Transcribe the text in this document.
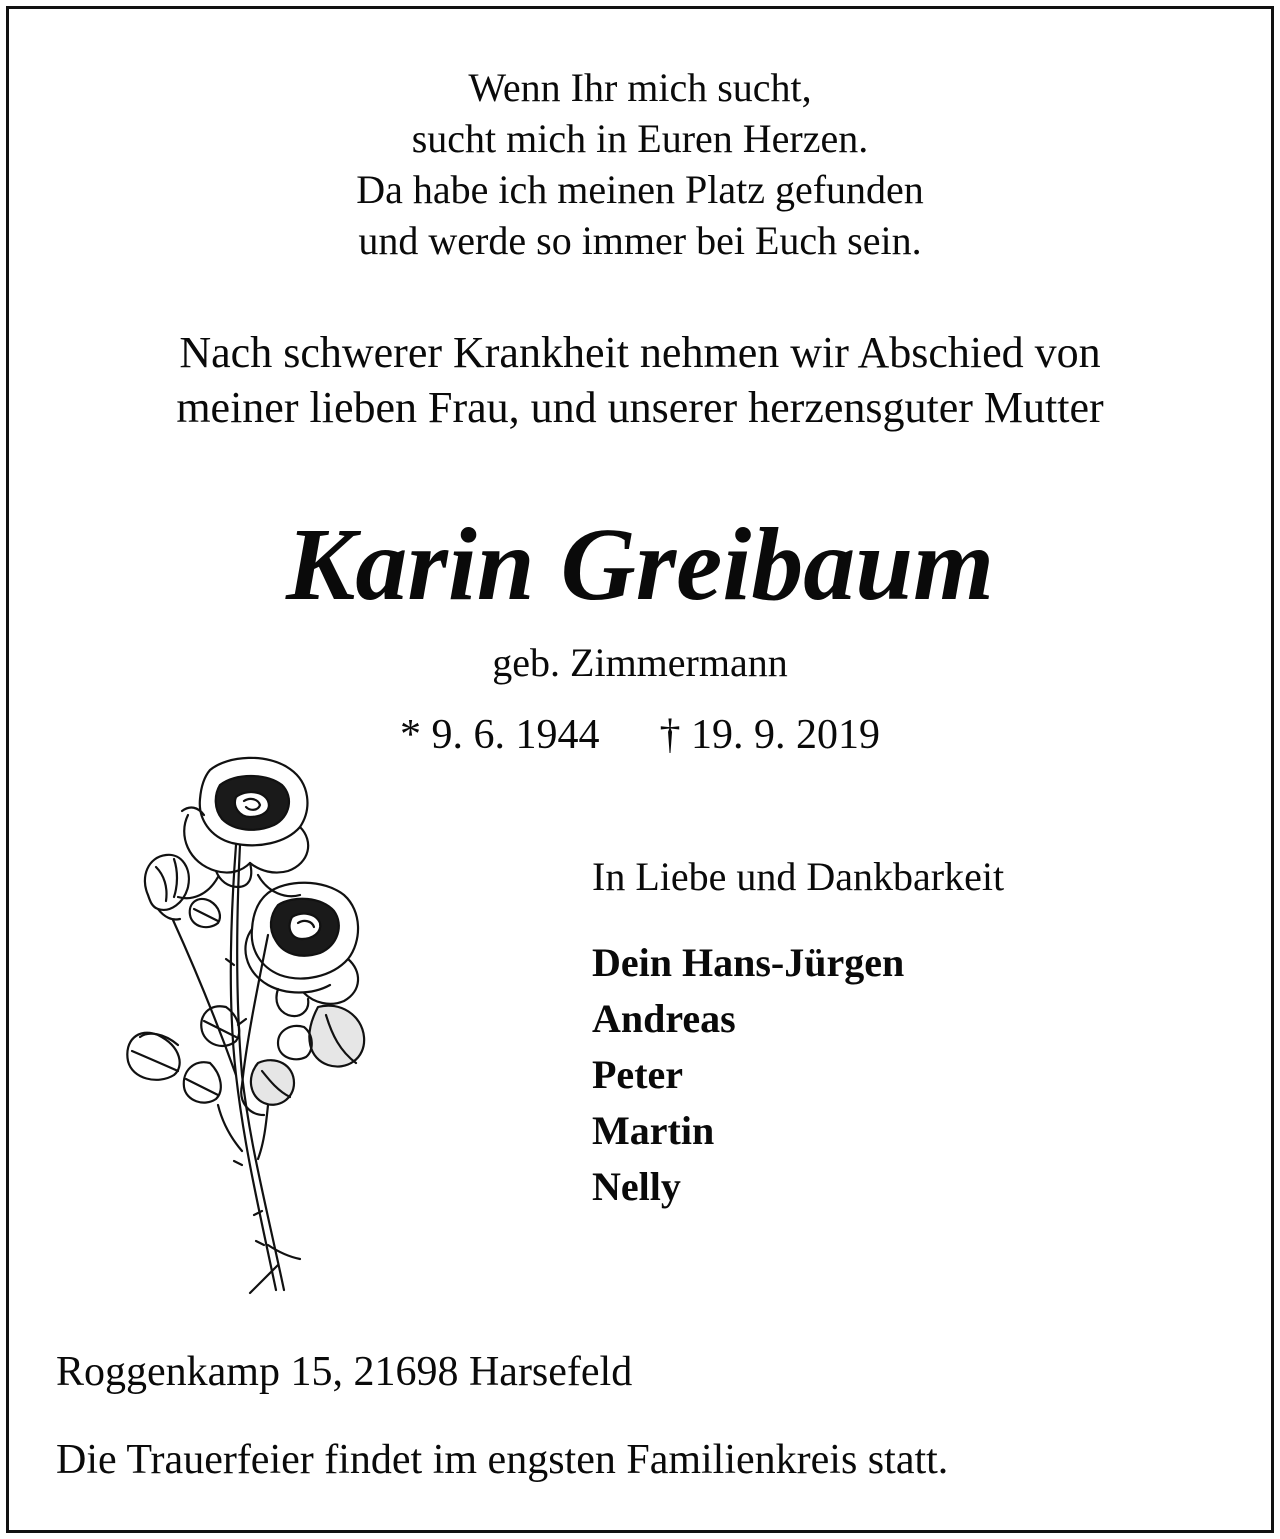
Wenn Ihr mich sucht,
sucht mich in Euren Herzen.
Da habe ich meinen Platz gefunden
und werde so immer bei Euch sein.
Nach schwerer Krankheit nehmen wir Abschied von
meiner lieben Frau, und unserer herzensguter Mutter
Karin Greibaum
geb. Zimmermann
* 9. 6. 1944 † 19. 9. 2019
In Liebe und Dankbarkeit
Dein Hans-Jürgen
Andreas
Peter
Martin
Nelly
Roggenkamp 15, 21698 Harsefeld
Die Trauerfeier findet im engsten Familienkreis statt.
